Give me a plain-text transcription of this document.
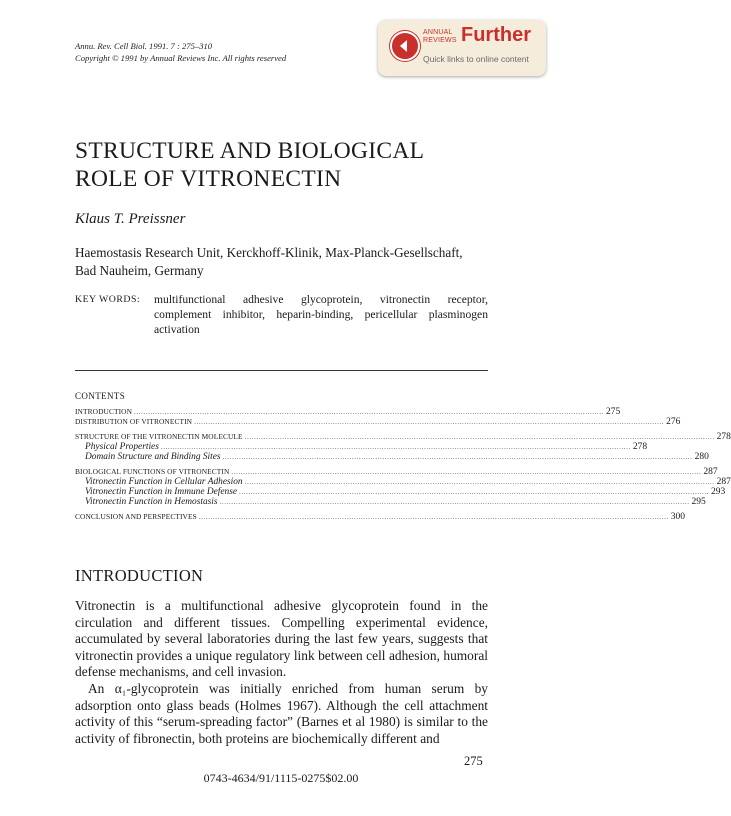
Annu. Rev. Cell Biol. 1991. 7 : 275–310
Copyright © 1991 by Annual Reviews Inc. All rights reserved
ANNUAL
REVIEWS Further
Quick links to online content
STRUCTURE AND BIOLOGICAL
ROLE OF VITRONECTIN
Klaus T. Preissner
Haemostasis Research Unit, Kerckhoff-Klinik, Max-Planck-Gesellschaft,
Bad Nauheim, Germany
KEY WORDS: multifunctional adhesive glycoprotein, vitronectin receptor, complement inhibitor, heparin-binding, pericellular plasminogen activation
CONTENTS
INTRODUCTION ........................................................................................................................................................................................................ 275
DISTRIBUTION OF VITRONECTIN ........................................................................................................................................................................................................ 276
STRUCTURE OF THE VITRONECTIN MOLECULE ........................................................................................................................................................................................................ 278
Physical Properties ........................................................................................................................................................................................................ 278
Domain Structure and Binding Sites ........................................................................................................................................................................................................ 280
BIOLOGICAL FUNCTIONS OF VITRONECTIN ........................................................................................................................................................................................................ 287
Vitronectin Function in Cellular Adhesion ........................................................................................................................................................................................................ 287
Vitronectin Function in Immune Defense ........................................................................................................................................................................................................ 293
Vitronectin Function in Hemostasis ........................................................................................................................................................................................................ 295
CONCLUSION AND PERSPECTIVES ........................................................................................................................................................................................................ 300
INTRODUCTION

Vitronectin is a multifunctional adhesive glycoprotein found in the circulation and different tissues. Compelling experimental evidence, accumulated by several laboratories during the last few years, suggests that vitronectin provides a unique regulatory link between cell adhesion, humoral defense mechanisms, and cell invasion.

An α₁-glycoprotein was initially enriched from human serum by adsorption onto glass beads (Holmes 1967). Although the cell attachment activity of this “serum-spreading factor” (Barnes et al 1980) is similar to the activity of fibronectin, both proteins are biochemically different and

275
0743-4634/91/1115-0275$02.00
